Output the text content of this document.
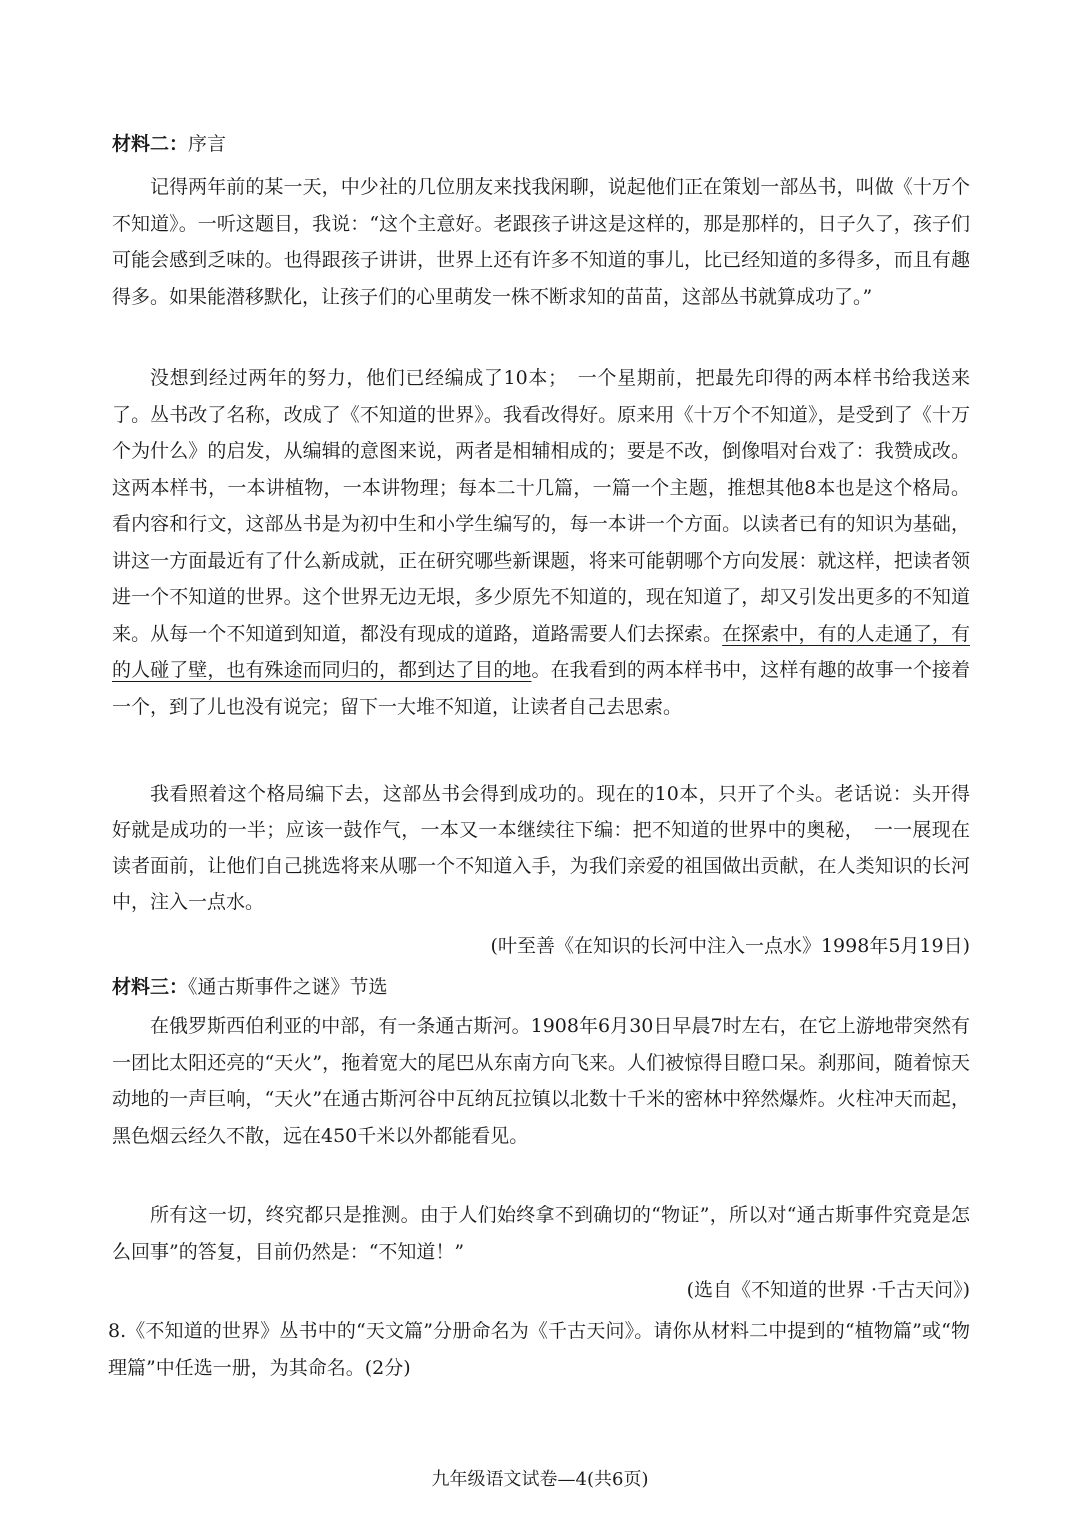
材料二：序言

记得两年前的某一天，中少社的几位朋友来找我闲聊，说起他们正在策划一部丛书，叫做《十万个不知道》。一听这题目，我说：“这个主意好。老跟孩子讲这是这样的，那是那样的，日子久了，孩子们可能会感到乏味的。也得跟孩子讲讲，世界上还有许多不知道的事儿，比已经知道的多得多，而且有趣得多。如果能潜移默化，让孩子们的心里萌发一株不断求知的苗苗，这部丛书就算成功了。”

没想到经过两年的努力，他们已经编成了10本；　一个星期前，把最先印得的两本样书给我送来了。丛书改了名称，改成了《不知道的世界》。我看改得好。原来用《十万个不知道》，是受到了《十万个为什么》的启发，从编辑的意图来说，两者是相辅相成的；要是不改，倒像唱对台戏了：我赞成改。这两本样书，一本讲植物，一本讲物理；每本二十几篇，一篇一个主题，推想其他8本也是这个格局。看内容和行文，这部丛书是为初中生和小学生编写的，每一本讲一个方面。以读者已有的知识为基础，讲这一方面最近有了什么新成就，正在研究哪些新课题，将来可能朝哪个方向发展：就这样，把读者领进一个不知道的世界。这个世界无边无垠，多少原先不知道的，现在知道了，却又引发出更多的不知道来。从每一个不知道到知道，都没有现成的道路，道路需要人们去探索。在探索中，有的人走通了，有的人碰了壁，也有殊途而同归的，都到达了目的地。在我看到的两本样书中，这样有趣的故事一个接着一个，到了儿也没有说完；留下一大堆不知道，让读者自己去思索。

我看照着这个格局编下去，这部丛书会得到成功的。现在的10本，只开了个头。老话说：头开得好就是成功的一半；应该一鼓作气，一本又一本继续往下编：把不知道的世界中的奥秘，　一一展现在读者面前，让他们自己挑选将来从哪一个不知道入手，为我们亲爱的祖国做出贡献，在人类知识的长河中，注入一点水。

(叶至善《在知识的长河中注入一点水》1998年5月19日)
材料三：《通古斯事件之谜》节选

在俄罗斯西伯利亚的中部，有一条通古斯河。1908年6月30日早晨7时左右，在它上游地带突然有一团比太阳还亮的“天火”，拖着宽大的尾巴从东南方向飞来。人们被惊得目瞪口呆。刹那间，随着惊天动地的一声巨响，“天火”在通古斯河谷中瓦纳瓦拉镇以北数十千米的密林中猝然爆炸。火柱冲天而起，黑色烟云经久不散，远在450千米以外都能看见。

所有这一切，终究都只是推测。由于人们始终拿不到确切的“物证”，所以对“通古斯事件究竟是怎么回事”的答复，目前仍然是：“不知道！”

(选自《不知道的世界 ·千古天问》)
8.《不知道的世界》丛书中的“天文篇”分册命名为《千古天问》。请你从材料二中提到的“植物篇”或“物理篇”中任选一册，为其命名。(2分)
九年级语文试卷—4(共6页)
